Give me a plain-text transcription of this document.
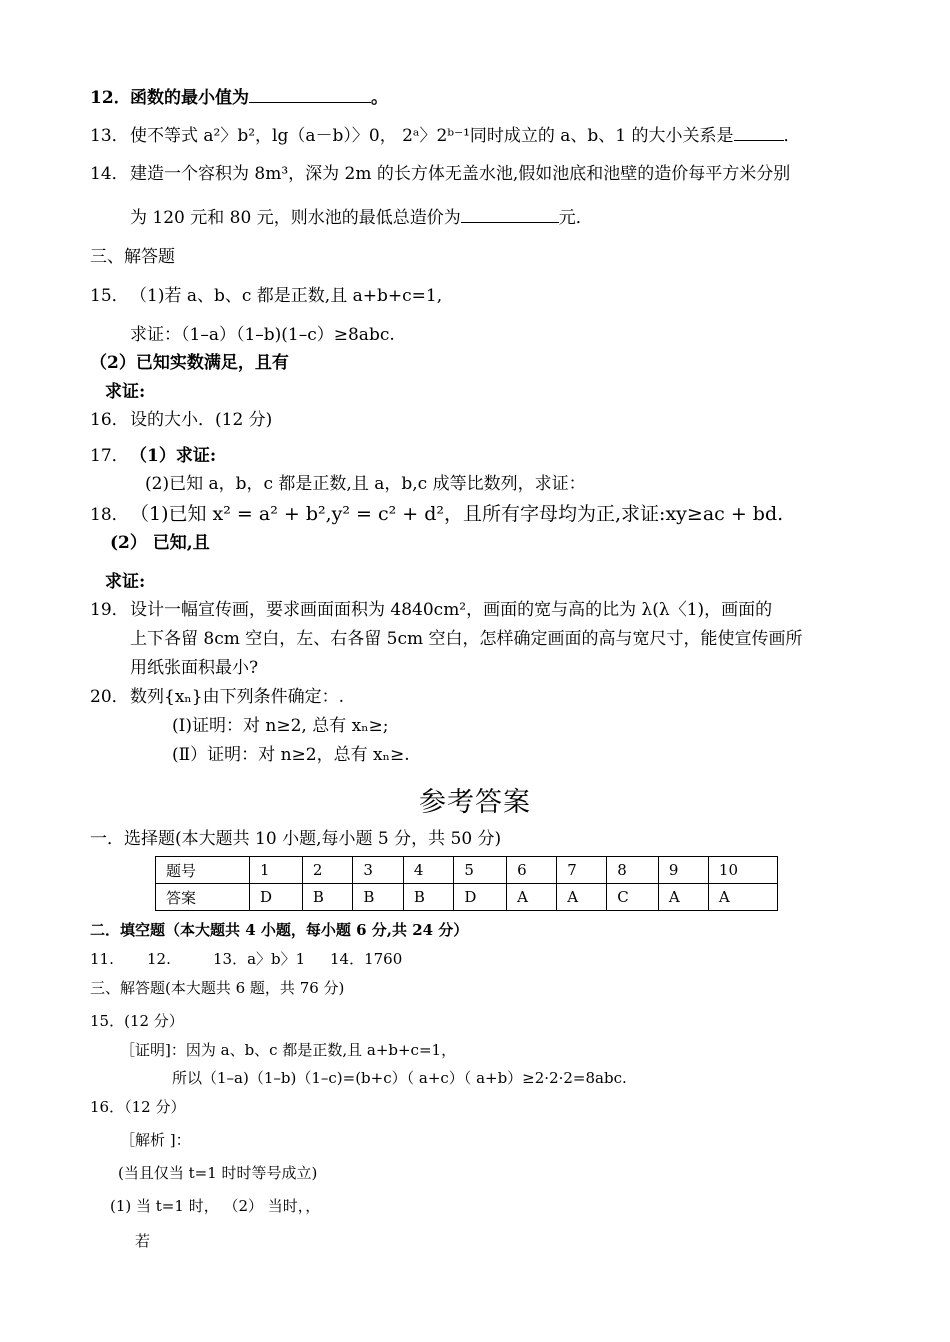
12．函数的最小值为	。
13．使不等式 a²〉b²，lg（a－b）〉0， 2ᵃ〉2ᵇ⁻¹同时成立的 a、b、1 的大小关系是	．
14．建造一个容积为 8m³，深为 2m 的长方体无盖水池,假如池底和池壁的造价每平方米分别
为 120 元和 80 元，则水池的最低总造价为	元．
三、解答题
15．（1)若 a、b、c 都是正数,且 a+b+c=1,
求证：（1–a）（1–b)(1–c）≥8abc.
（2）已知实数满足，且有
求证:
16．设的大小．(12 分)
17．（1）求证:
(2)已知 a，b，c 都是正数,且 a，b,c 成等比数列，求证：
18．（1)已知 x² = a² + b²,y² = c² + d²，且所有字母均为正,求证:xy≥ac + bd.
(2） 已知,且
求证:
19．设计一幅宣传画，要求画面面积为 4840cm²，画面的宽与高的比为 λ(λ〈1)，画面的
上下各留 8cm 空白，左、右各留 5cm 空白，怎样确定画面的高与宽尺寸，能使宣传画所
用纸张面积最小?
20．数列{xₙ}由下列条件确定：.
(Ⅰ)证明：对 n≥2, 总有 xₙ≥;
(Ⅱ）证明：对 n≥2，总有 xₙ≥.
参考答案
一．选择题(本大题共 10 小题,每小题 5 分，共 50 分)
题号	1	2	3	4	5	6	7	8	9	10
答案	D	B	B	B	D	A	A	C	A	A
二．填空题（本大题共 4 小题，每小题 6 分,共 24 分）
11. 12.	13．a〉b〉1 14．1760
三、解答题(本大题共 6 题，共 76 分)
15．(12 分）
［证明]：因为 a、b、c 都是正数,且 a+b+c=1，
所以（1–a)（1–b)（1–c)=(b+c）（ a+c）（ a+b）≥2·2·2=8abc.
16．（12 分）
［解析 ]：
(当且仅当 t=1 时时等号成立)
(1) 当 t=1 时， （2） 当时，，
若
